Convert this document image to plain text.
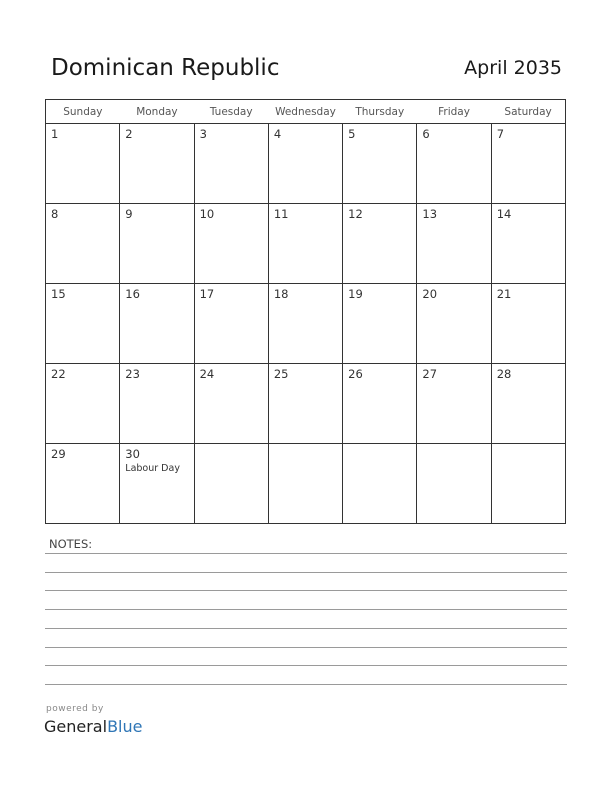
Dominican Republic	April 2035
Sunday	Monday	Tuesday	Wednesday	Thursday	Friday	Saturday

1	2	3	4	5	6	7

8	9	10	11	12	13	14

15	16	17	18	19	20	21

22	23	24	25	26	27	28

29	30
Labour Day					

NOTES:
powered by
GeneralBlue
